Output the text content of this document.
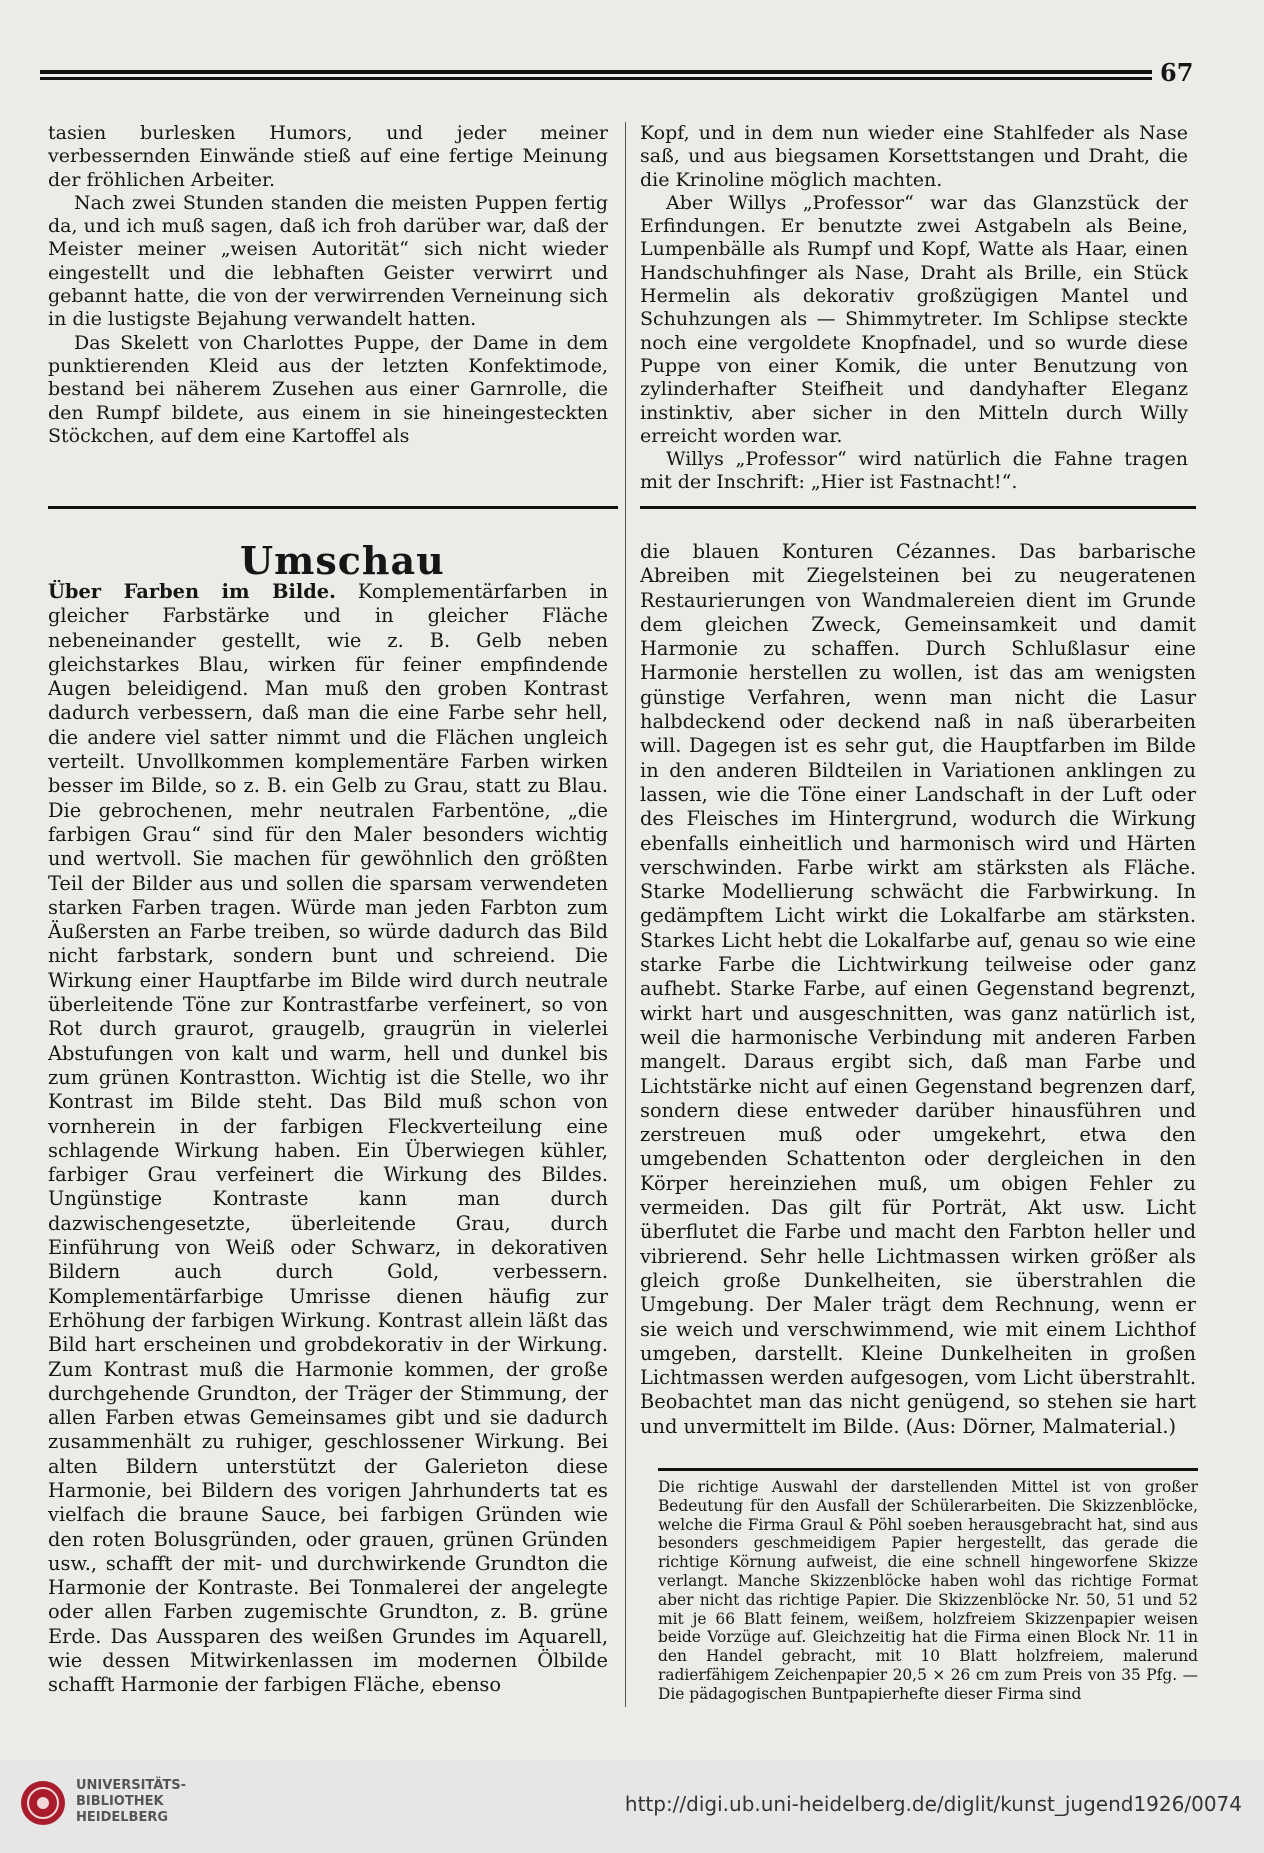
67

tasien burlesken Humors, und jeder meiner verbessernden Einwände stieß auf eine fertige Meinung der fröhlichen Arbeiter.

Nach zwei Stunden standen die meisten Puppen fertig da, und ich muß sagen, daß ich froh darüber war, daß der Meister meiner „weisen Autorität“ sich nicht wieder eingestellt und die lebhaften Geister verwirrt und gebannt hatte, die von der verwirrenden Verneinung sich in die lustigste Bejahung verwandelt hatten.

Das Skelett von Charlottes Puppe, der Dame in dem punktierenden Kleid aus der letzten Konfektimode, bestand bei näherem Zusehen aus einer Garnrolle, die den Rumpf bildete, aus einem in sie hineingesteckten Stöckchen, auf dem eine Kartoffel als

Kopf, und in dem nun wieder eine Stahlfeder als Nase saß, und aus biegsamen Korsettstangen und Draht, die die Krinoline möglich machten.

Aber Willys „Professor“ war das Glanzstück der Erfindungen. Er benutzte zwei Astgabeln als Beine, Lumpenbälle als Rumpf und Kopf, Watte als Haar, einen Handschuhfinger als Nase, Draht als Brille, ein Stück Hermelin als dekorativ großzügigen Mantel und Schuhzungen als — Shimmytreter. Im Schlipse steckte noch eine vergoldete Knopfnadel, und so wurde diese Puppe von einer Komik, die unter Benutzung von zylinderhafter Steifheit und dandyhafter Eleganz instinktiv, aber sicher in den Mitteln durch Willy erreicht worden war.

Willys „Professor“ wird natürlich die Fahne tragen mit der Inschrift: „Hier ist Fastnacht!“.

Umschau

Über Farben im Bilde. Komplementärfarben in gleicher Farbstärke und in gleicher Fläche nebeneinander gestellt, wie z. B. Gelb neben gleichstarkes Blau, wirken für feiner empfindende Augen beleidigend. Man muß den groben Kontrast dadurch verbessern, daß man die eine Farbe sehr hell, die andere viel satter nimmt und die Flächen ungleich verteilt. Unvollkommen komplementäre Farben wirken besser im Bilde, so z. B. ein Gelb zu Grau, statt zu Blau. Die gebrochenen, mehr neutralen Farbentöne, „die farbigen Grau“ sind für den Maler besonders wichtig und wertvoll. Sie machen für gewöhnlich den größten Teil der Bilder aus und sollen die sparsam verwendeten starken Farben tragen. Würde man jeden Farbton zum Äußersten an Farbe treiben, so würde dadurch das Bild nicht farbstark, sondern bunt und schreiend. Die Wirkung einer Hauptfarbe im Bilde wird durch neutrale überleitende Töne zur Kontrastfarbe verfeinert, so von Rot durch graurot, graugelb, graugrün in vielerlei Abstufungen von kalt und warm, hell und dunkel bis zum grünen Kontrastton. Wichtig ist die Stelle, wo ihr Kontrast im Bilde steht. Das Bild muß schon von vornherein in der farbigen Fleckverteilung eine schlagende Wirkung haben. Ein Überwiegen kühler, farbiger Grau verfeinert die Wirkung des Bildes. Ungünstige Kontraste kann man durch dazwischengesetzte, überleitende Grau, durch Einführung von Weiß oder Schwarz, in dekorativen Bildern auch durch Gold, verbessern. Komplementärfarbige Umrisse dienen häufig zur Erhöhung der farbigen Wirkung. Kontrast allein läßt das Bild hart erscheinen und grobdekorativ in der Wirkung. Zum Kontrast muß die Harmonie kommen, der große durchgehende Grundton, der Träger der Stimmung, der allen Farben etwas Gemeinsames gibt und sie dadurch zusammenhält zu ruhiger, geschlossener Wirkung. Bei alten Bildern unterstützt der Galerieton diese Harmonie, bei Bildern des vorigen Jahrhunderts tat es vielfach die braune Sauce, bei farbigen Gründen wie den roten Bolusgründen, oder grauen, grünen Gründen usw., schafft der mit- und durchwirkende Grundton die Harmonie der Kontraste. Bei Tonmalerei der angelegte oder allen Farben zugemischte Grundton, z. B. grüne Erde. Das Aussparen des weißen Grundes im Aquarell, wie dessen Mitwirkenlassen im modernen Ölbilde schafft Harmonie der farbigen Fläche, ebenso

die blauen Konturen Cézannes. Das barbarische Abreiben mit Ziegelsteinen bei zu neugeratenen Restaurierungen von Wandmalereien dient im Grunde dem gleichen Zweck, Gemeinsamkeit und damit Harmonie zu schaffen. Durch Schlußlasur eine Harmonie herstellen zu wollen, ist das am wenigsten günstige Verfahren, wenn man nicht die Lasur halbdeckend oder deckend naß in naß überarbeiten will. Dagegen ist es sehr gut, die Hauptfarben im Bilde in den anderen Bildteilen in Variationen anklingen zu lassen, wie die Töne einer Landschaft in der Luft oder des Fleisches im Hintergrund, wodurch die Wirkung ebenfalls einheitlich und harmonisch wird und Härten verschwinden. Farbe wirkt am stärksten als Fläche. Starke Modellierung schwächt die Farbwirkung. In gedämpftem Licht wirkt die Lokalfarbe am stärksten. Starkes Licht hebt die Lokalfarbe auf, genau so wie eine starke Farbe die Lichtwirkung teilweise oder ganz aufhebt. Starke Farbe, auf einen Gegenstand begrenzt, wirkt hart und ausgeschnitten, was ganz natürlich ist, weil die harmonische Verbindung mit anderen Farben mangelt. Daraus ergibt sich, daß man Farbe und Lichtstärke nicht auf einen Gegenstand begrenzen darf, sondern diese entweder darüber hinausführen und zerstreuen muß oder umgekehrt, etwa den umgebenden Schattenton oder dergleichen in den Körper hereinziehen muß, um obigen Fehler zu vermeiden. Das gilt für Porträt, Akt usw. Licht überflutet die Farbe und macht den Farbton heller und vibrierend. Sehr helle Lichtmassen wirken größer als gleich große Dunkelheiten, sie überstrahlen die Umgebung. Der Maler trägt dem Rechnung, wenn er sie weich und verschwimmend, wie mit einem Lichthof umgeben, darstellt. Kleine Dunkelheiten in großen Lichtmassen werden aufgesogen, vom Licht überstrahlt. Beobachtet man das nicht genügend, so stehen sie hart und unvermittelt im Bilde. (Aus: Dörner, Malmaterial.)

Die richtige Auswahl der darstellenden Mittel ist von großer Bedeutung für den Ausfall der Schülerarbeiten. Die Skizzenblöcke, welche die Firma Graul & Pöhl soeben herausgebracht hat, sind aus besonders geschmeidigem Papier hergestellt, das gerade die richtige Körnung aufweist, die eine schnell hingeworfene Skizze verlangt. Manche Skizzenblöcke haben wohl das richtige Format aber nicht das richtige Papier. Die Skizzenblöcke Nr. 50, 51 und 52 mit je 66 Blatt feinem, weißem, holzfreiem Skizzenpapier weisen beide Vorzüge auf. Gleichzeitig hat die Firma einen Block Nr. 11 in den Handel gebracht, mit 10 Blatt holzfreiem, malerund radierfähigem Zeichenpapier 20,5 × 26 cm zum Preis von 35 Pfg. — Die pädagogischen Buntpapierhefte dieser Firma sind

UNIVERSITÄTS-
BIBLIOTHEK
HEIDELBERG
http://digi.ub.uni-heidelberg.de/diglit/kunst_jugend1926/0074
